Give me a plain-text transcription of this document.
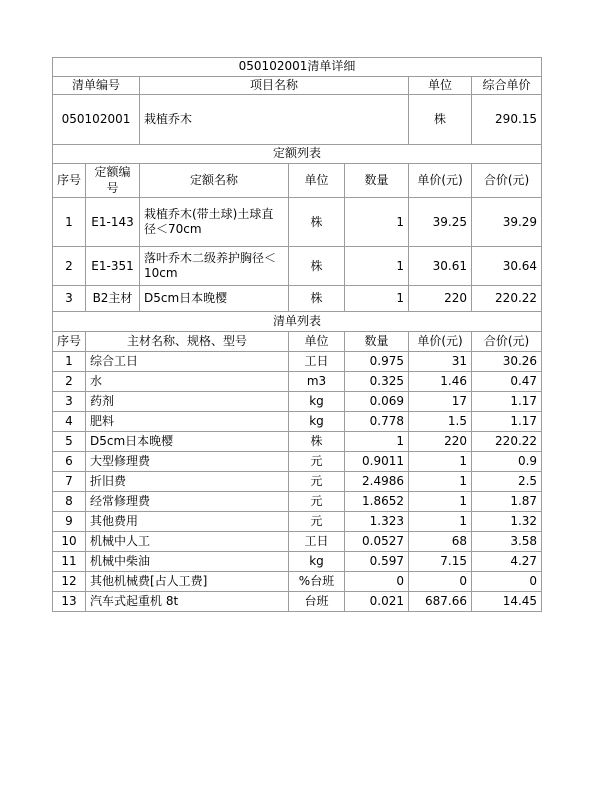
050102001清单详细						
清单编号		项目名称			单位	综合单价
050102001		栽植乔木			株	290.15
定额列表						
序号	定额编号	定额名称	单位	数量	单价(元)	合价(元)
1	E1-143	栽植乔木(带土球)土球直径＜70cm	株	1	39.25	39.29
2	E1-351	落叶乔木二级养护胸径＜10cm	株	1	30.61	30.64
3	B2主材	D5cm日本晚樱	株	1	220	220.22
清单列表						
序号	主材名称、规格、型号		单位	数量	单价(元)	合价(元)
1	综合工日		工日	0.975	31	30.26
2	水		m3	0.325	1.46	0.47
3	药剂		kg	0.069	17	1.17
4	肥料		kg	0.778	1.5	1.17
5	D5cm日本晚樱		株	1	220	220.22
6	大型修理费		元	0.9011	1	0.9
7	折旧费		元	2.4986	1	2.5
8	经常修理费		元	1.8652	1	1.87
9	其他费用		元	1.323	1	1.32
10	机械中人工		工日	0.0527	68	3.58
11	机械中柴油		kg	0.597	7.15	4.27
12	其他机械费[占人工费]		%台班	0	0	0
13	汽车式起重机 8t		台班	0.021	687.66	14.45
